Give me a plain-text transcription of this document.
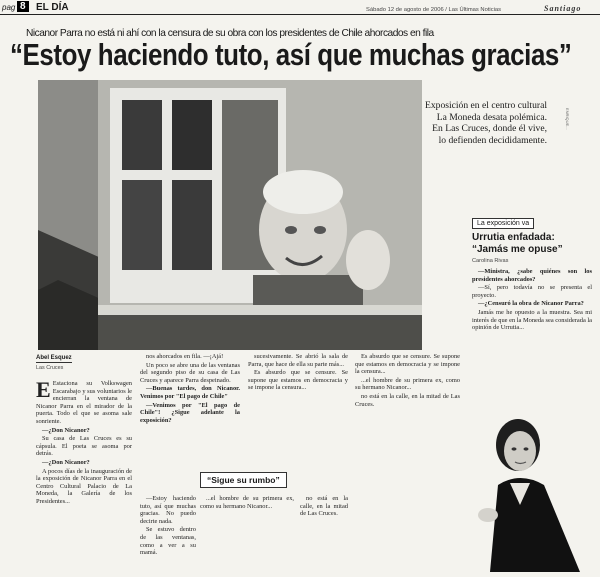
pag 8	EL DÍA	Sábado 12 de agosto de 2006 / Las Últimas Noticias	Santiago
Nicanor Parra no está ni ahí con la censura de su obra con los presidentes de Chile ahorcados en fila
“Estoy haciendo tuto, así que muchas gracias”
Exposición en el centro cultural La Moneda desata polémica. En Las Cruces, donde él vive, lo defienden decididamente.
ENRIQUE...
Abel Esquez
Las Cruces

E Estaciona su Volkswagen Escarabajo y sus voluntarios le encierran la ventana de Nicanor Parra en el mirador de la puerta. Todo el que se asoma sale sonriente.

—¿Don Nicanor?

Su casa de Las Cruces es su cápsula. El poeta se asoma por detrás.

—¿Don Nicanor?

A pocos días de la inauguración de la exposición de Nicanor Parra en el Centro Cultural Palacio de La Moneda, la Galería de los Presidentes...

nos ahorcados en fila. —¡Ajá!

Un poco se abre una de las ventanas del segundo piso de su casa de Las Cruces y aparece Parra despeinado.

—Buenas tardes, don Nicanor. Venimos por "El pago de Chile"

—Venimos por "El pago de Chile"! ¿Sigue adelante la exposición?

—Estoy haciendo tuto, así que muchas gracias. No puedo decirte nada.

Se estuvo dentro de las ventanas, como a ver a su mamá.

sucesivamente. Se abrió la sala de Parra, que hace de ella su parte más...

Es absurdo que se censure. Se supone que estamos en democracia y se impone la censura...

“Sigue su rumbo”

...el hombre de su primera ex, como su hermano Nicanor...

no está en la calle, en la mitad de Las Cruces.

Es absurdo que se censure. Se supone que estamos en democracia y se impone la censura...

...el hombre de su primera ex, como su hermano Nicanor...

no está en la calle, en la mitad de Las Cruces.

La exposición va
Urrutia enfadada:
“Jamás me opuse”
Carolina Rivas

—Ministra, ¿sabe quiénes son los presidentes ahorcados?

—Sí, pero todavía no se presenta el proyecto.

—¿Censuró la obra de Nicanor Parra?

Jamás me he opuesto a la muestra. Sea mi interés de que en la Moneda sea considerada la opinión de Urrutia...
